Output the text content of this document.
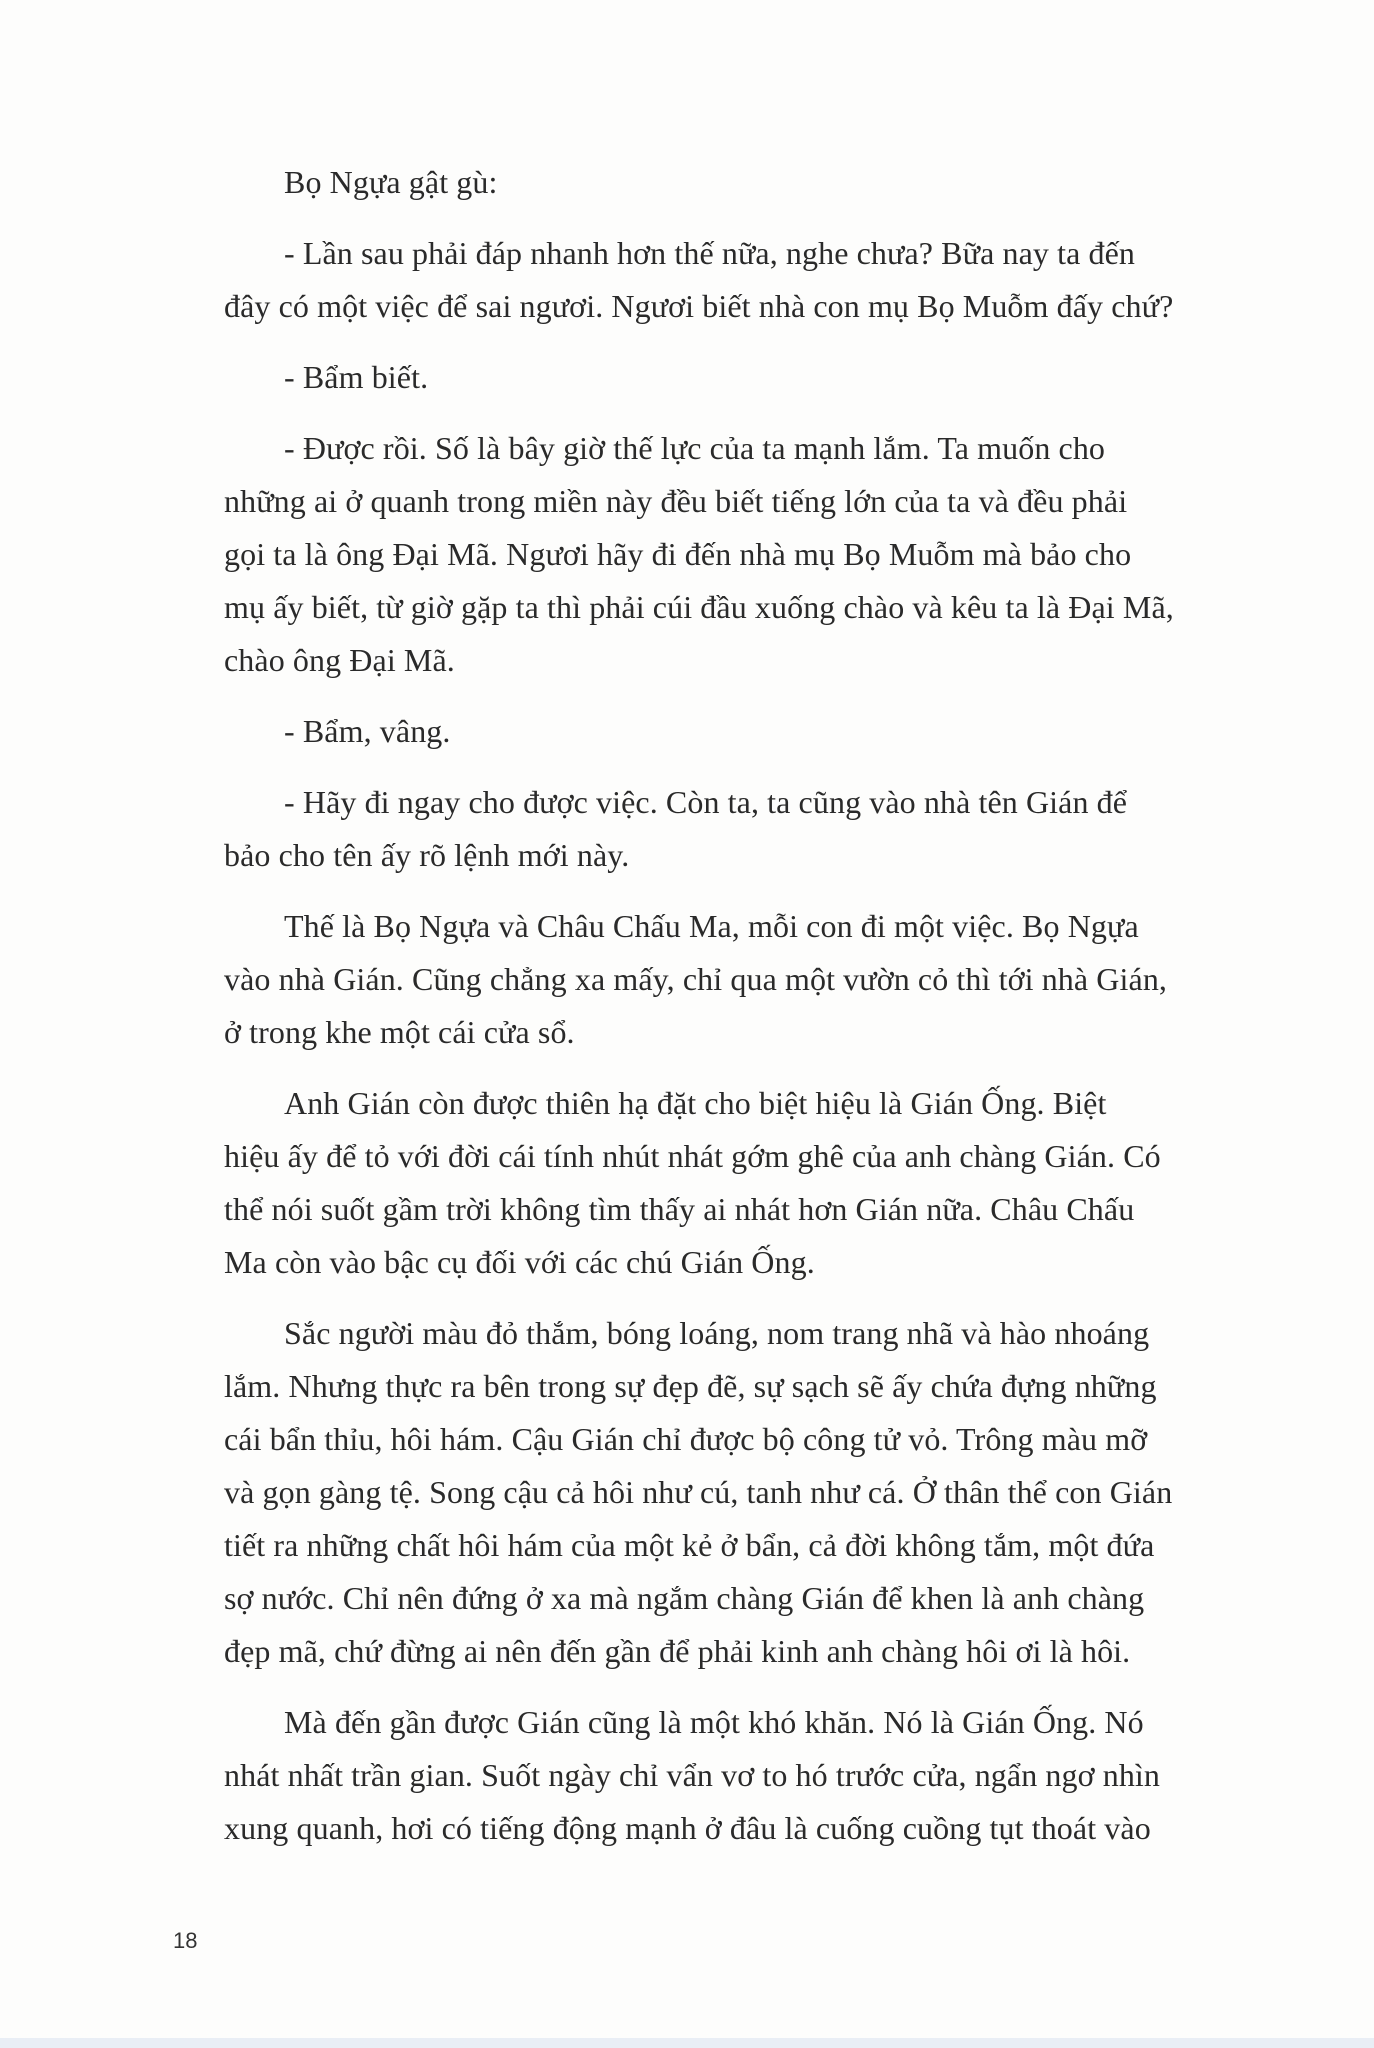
Bọ Ngựa gật gù:
- Lần sau phải đáp nhanh hơn thế nữa, nghe chưa? Bữa nay ta đến
đây có một việc để sai ngươi. Ngươi biết nhà con mụ Bọ Muỗm đấy chứ?
- Bẩm biết.
- Được rồi. Số là bây giờ thế lực của ta mạnh lắm. Ta muốn cho
những ai ở quanh trong miền này đều biết tiếng lớn của ta và đều phải
gọi ta là ông Đại Mã. Ngươi hãy đi đến nhà mụ Bọ Muỗm mà bảo cho
mụ ấy biết, từ giờ gặp ta thì phải cúi đầu xuống chào và kêu ta là Đại Mã,
chào ông Đại Mã.
- Bẩm, vâng.
- Hãy đi ngay cho được việc. Còn ta, ta cũng vào nhà tên Gián để
bảo cho tên ấy rõ lệnh mới này.
Thế là Bọ Ngựa và Châu Chấu Ma, mỗi con đi một việc. Bọ Ngựa
vào nhà Gián. Cũng chẳng xa mấy, chỉ qua một vườn cỏ thì tới nhà Gián,
ở trong khe một cái cửa sổ.
Anh Gián còn được thiên hạ đặt cho biệt hiệu là Gián Ống. Biệt
hiệu ấy để tỏ với đời cái tính nhút nhát gớm ghê của anh chàng Gián. Có
thể nói suốt gầm trời không tìm thấy ai nhát hơn Gián nữa. Châu Chấu
Ma còn vào bậc cụ đối với các chú Gián Ống.
Sắc người màu đỏ thắm, bóng loáng, nom trang nhã và hào nhoáng
lắm. Nhưng thực ra bên trong sự đẹp đẽ, sự sạch sẽ ấy chứa đựng những
cái bẩn thỉu, hôi hám. Cậu Gián chỉ được bộ công tử vỏ. Trông màu mỡ
và gọn gàng tệ. Song cậu cả hôi như cú, tanh như cá. Ở thân thể con Gián
tiết ra những chất hôi hám của một kẻ ở bẩn, cả đời không tắm, một đứa
sợ nước. Chỉ nên đứng ở xa mà ngắm chàng Gián để khen là anh chàng
đẹp mã, chứ đừng ai nên đến gần để phải kinh anh chàng hôi ơi là hôi.
Mà đến gần được Gián cũng là một khó khăn. Nó là Gián Ống. Nó
nhát nhất trần gian. Suốt ngày chỉ vẩn vơ to hó trước cửa, ngẩn ngơ nhìn
xung quanh, hơi có tiếng động mạnh ở đâu là cuống cuồng tụt thoát vào
18
